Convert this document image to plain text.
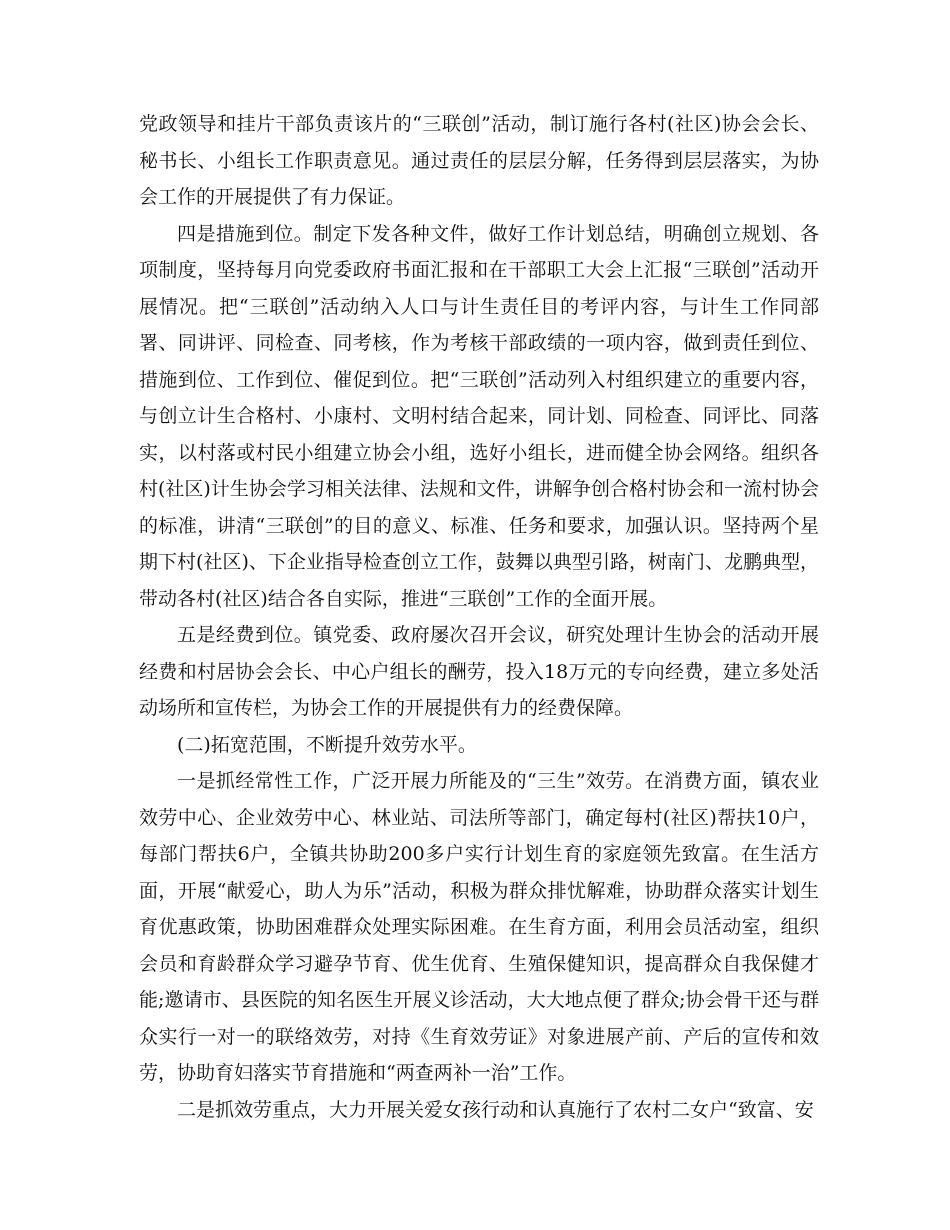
党政领导和挂片干部负责该片的“三联创”活动，制订施行各村(社区)协会会长、秘书长、小组长工作职责意见。通过责任的层层分解，任务得到层层落实，为协会工作的开展提供了有力保证。

四是措施到位。制定下发各种文件，做好工作计划总结，明确创立规划、各项制度，坚持每月向党委政府书面汇报和在干部职工大会上汇报“三联创”活动开展情况。把“三联创”活动纳入人口与计生责任目的考评内容，与计生工作同部署、同讲评、同检查、同考核，作为考核干部政绩的一项内容，做到责任到位、措施到位、工作到位、催促到位。把“三联创”活动列入村组织建立的重要内容，与创立计生合格村、小康村、文明村结合起来，同计划、同检查、同评比、同落实，以村落或村民小组建立协会小组，选好小组长，进而健全协会网络。组织各村(社区)计生协会学习相关法律、法规和文件，讲解争创合格村协会和一流村协会的标准，讲清“三联创”的目的意义、标准、任务和要求，加强认识。坚持两个星期下村(社区)、下企业指导检查创立工作，鼓舞以典型引路，树南门、龙鹏典型，带动各村(社区)结合各自实际，推进“三联创”工作的全面开展。

五是经费到位。镇党委、政府屡次召开会议，研究处理计生协会的活动开展经费和村居协会会长、中心户组长的酬劳，投入18万元的专向经费，建立多处活动场所和宣传栏，为协会工作的开展提供有力的经费保障。

(二)拓宽范围，不断提升效劳水平。

一是抓经常性工作，广泛开展力所能及的“三生”效劳。在消费方面，镇农业效劳中心、企业效劳中心、林业站、司法所等部门，确定每村(社区)帮扶10户，每部门帮扶6户，全镇共协助200多户实行计划生育的家庭领先致富。在生活方面，开展“献爱心，助人为乐”活动，积极为群众排忧解难，协助群众落实计划生育优惠政策，协助困难群众处理实际困难。在生育方面，利用会员活动室，组织会员和育龄群众学习避孕节育、优生优育、生殖保健知识，提高群众自我保健才能;邀请市、县医院的知名医生开展义诊活动，大大地点便了群众;协会骨干还与群众实行一对一的联络效劳，对持《生育效劳证》对象进展产前、产后的宣传和效劳，协助育妇落实节育措施和“两查两补一治”工作。

二是抓效劳重点，大力开展关爱女孩行动和认真施行了农村二女户“致富、安
